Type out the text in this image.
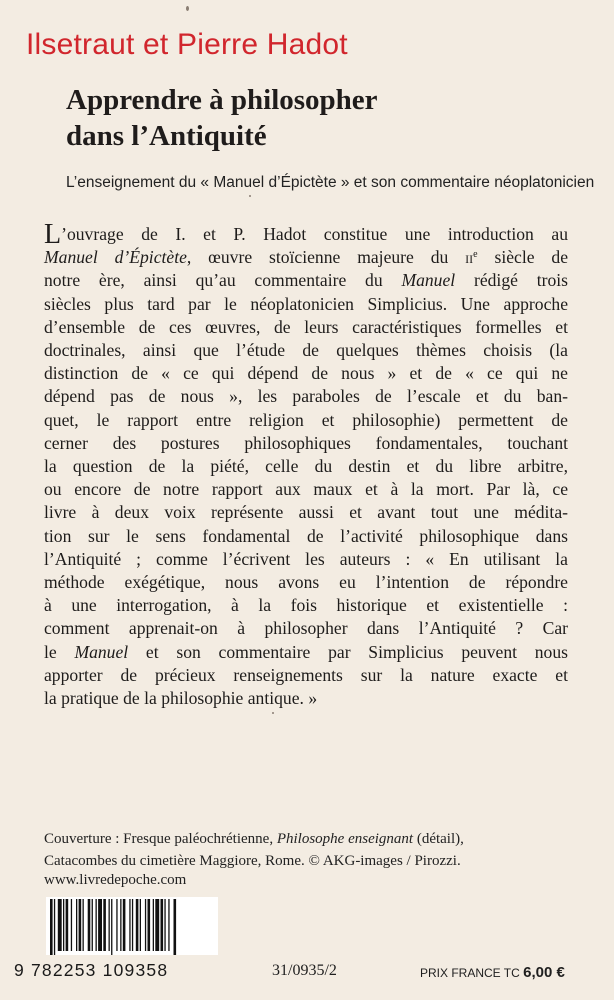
Ilsetraut et Pierre Hadot
Apprendre à philosopher
dans l’Antiquité
L’enseignement du « Manuel d’Épictète » et son commentaire néoplatonicien
L’ouvrage de I. et P. Hadot constitue une introduction au
Manuel d’Épictète, œuvre stoïcienne majeure du $ii^e$ siècle de
notre ère, ainsi qu’au commentaire du Manuel rédigé trois
siècles plus tard par le néoplatonicien Simplicius. Une approche
d’ensemble de ces œuvres, de leurs caractéristiques formelles et
doctrinales, ainsi que l’étude de quelques thèmes choisis (la
distinction de « ce qui dépend de nous » et de « ce qui ne
dépend pas de nous », les paraboles de l’escale et du ban-
quet, le rapport entre religion et philosophie) permettent de
cerner des postures philosophiques fondamentales, touchant
la question de la piété, celle du destin et du libre arbitre,
ou encore de notre rapport aux maux et à la mort. Par là, ce
livre à deux voix représente aussi et avant tout une médita-
tion sur le sens fondamental de l’activité philosophique dans
l’Antiquité ; comme l’écrivent les auteurs : « En utilisant la
méthode exégétique, nous avons eu l’intention de répondre
à une interrogation, à la fois historique et existentielle :
comment apprenait-on à philosopher dans l’Antiquité ? Car
le Manuel et son commentaire par Simplicius peuvent nous
apporter de précieux renseignements sur la nature exacte et
la pratique de la philosophie antique. »
Couverture : Fresque paléochrétienne, Philosophe enseignant (détail),
Catacombes du cimetière Maggiore, Rome. © AKG-images / Pirozzi.
www.livredepoche.com
9 782253 109358	31/0935/2	PRIX FRANCE TC 6,00 €
